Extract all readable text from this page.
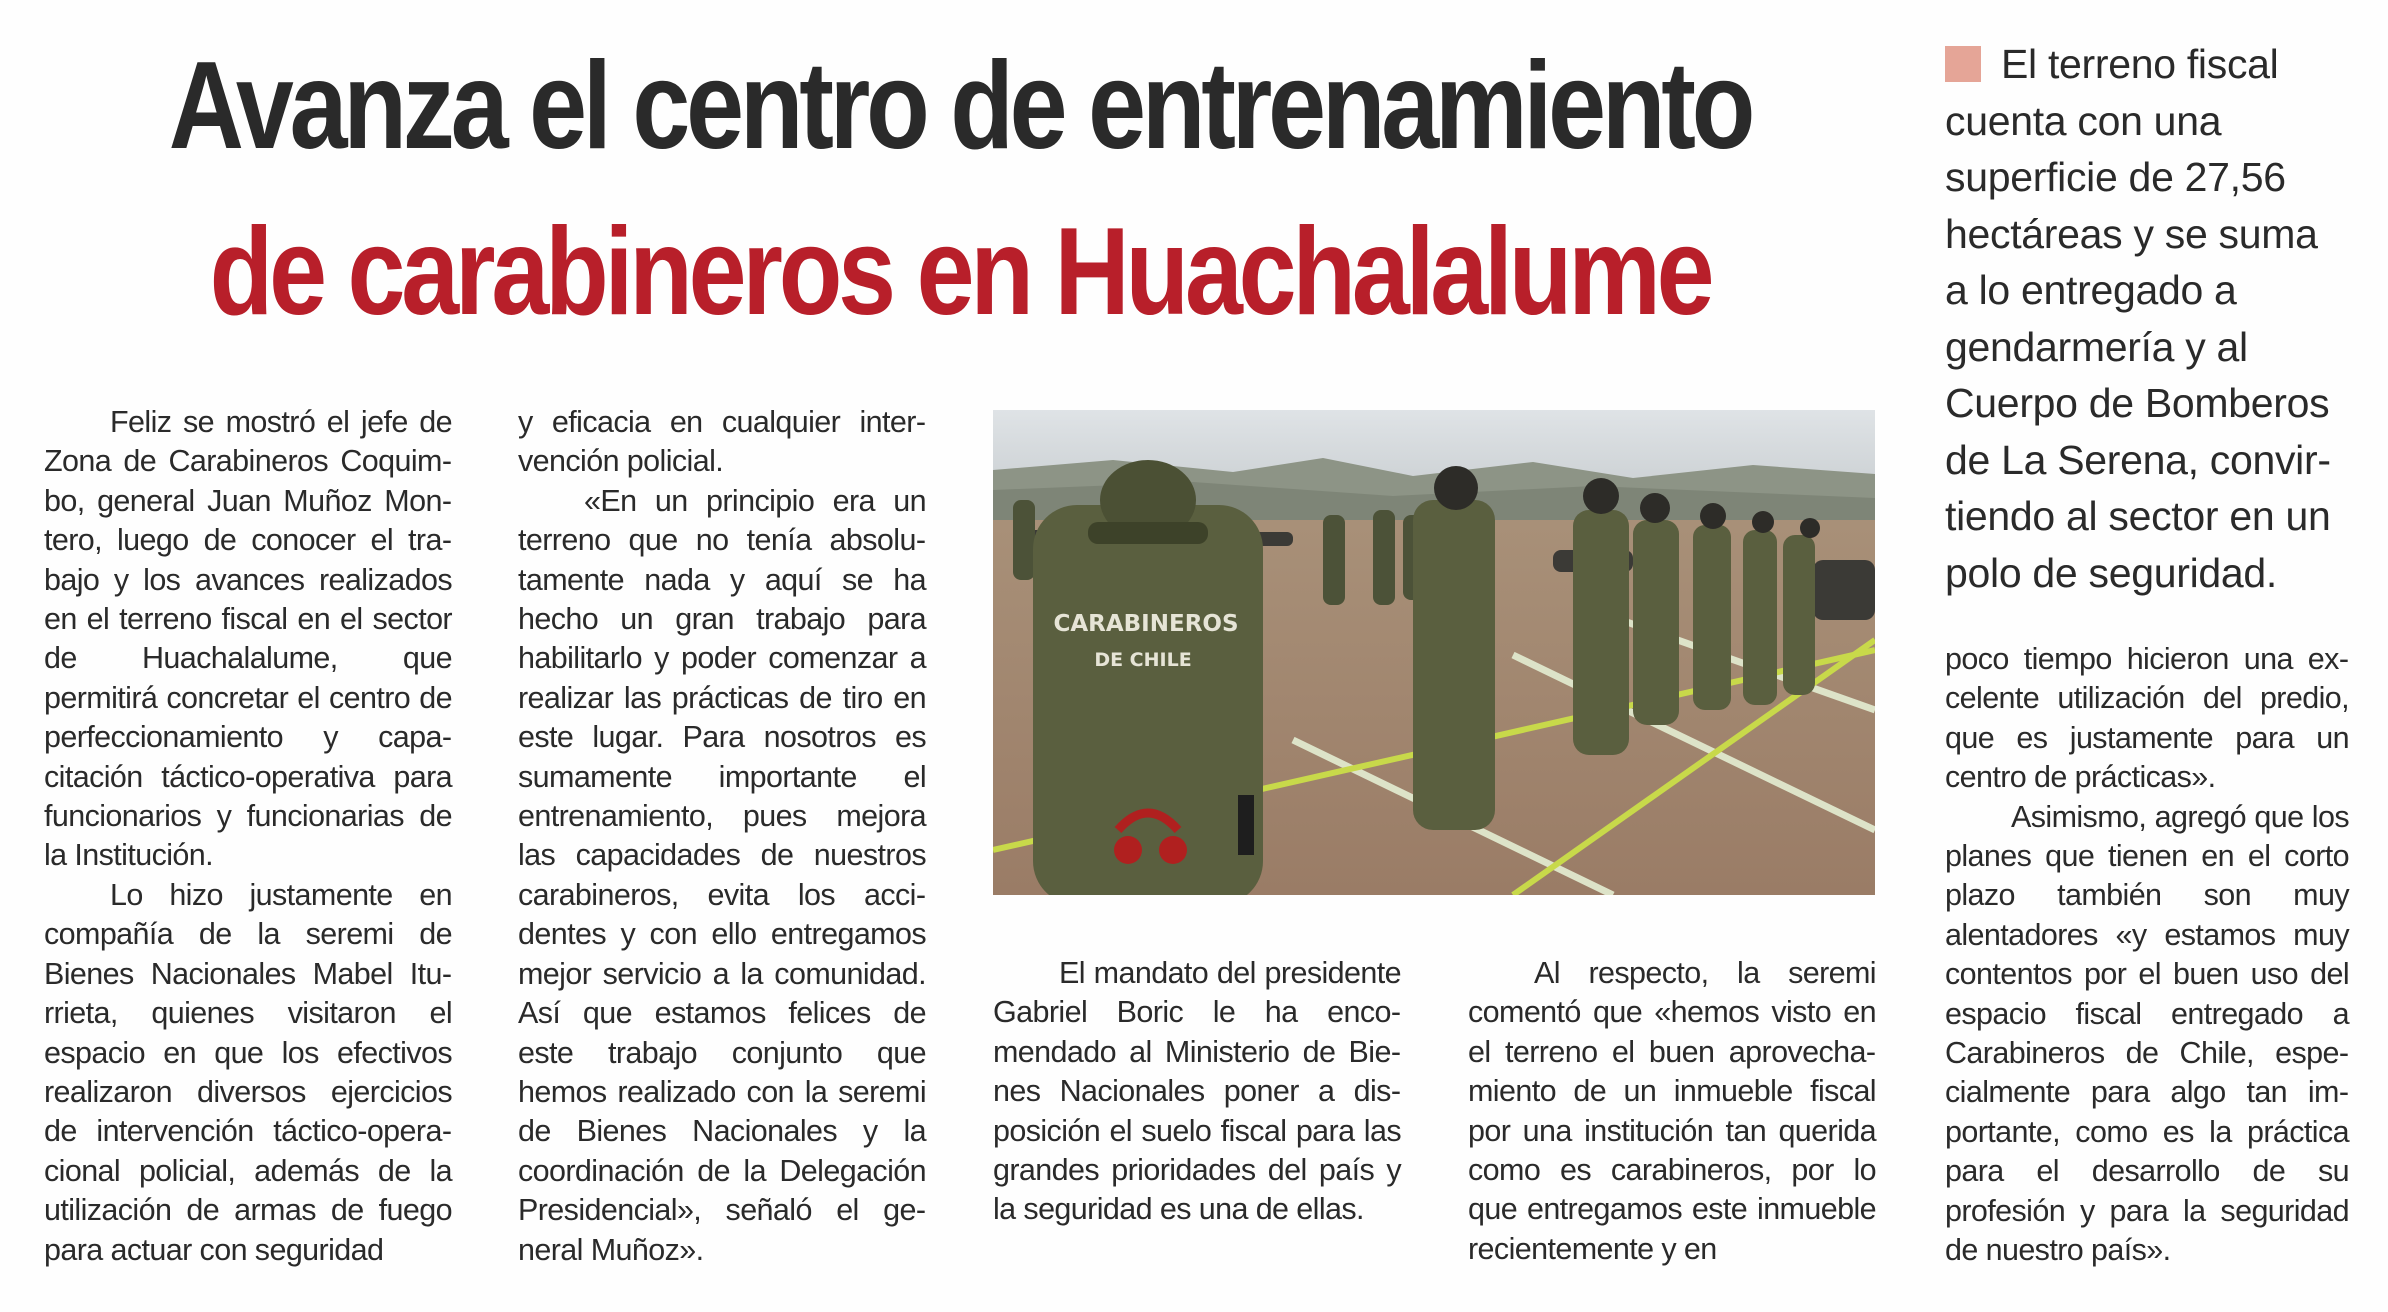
Avanza el centro de entrenamiento
de carabineros en Huachalalume
El terreno fiscal cuenta con una superficie de 27,56 hectáreas y se suma a lo entregado a gendarmería y al Cuerpo de Bomberos de La Serena, convirtiendo al sector en un polo de seguridad.
CARABINEROS
DE CHILE

Feliz se mostró el jefe de Zona de Carabineros Coquimbo, general Juan Muñoz Montero, luego de conocer el trabajo y los avances realizados en el terreno fiscal en el sector de Huachalalume, que permitirá concretar el centro de perfeccionamiento y capacitación táctico-operativa para funcionarios y funcionarias de la Institución.

Lo hizo justamente en compañía de la seremi de Bienes Nacionales Mabel Iturrieta, quienes visitaron el espacio en que los efectivos realizaron diversos ejercicios de intervención táctico-operacional policial, además de la utilización de armas de fuego para actuar con seguridad

y eficacia en cualquier intervención policial.

«En un principio era un terreno que no tenía absolutamente nada y aquí se ha hecho un gran trabajo para habilitarlo y poder comenzar a realizar las prácticas de tiro en este lugar. Para nosotros es sumamente importante el entrenamiento, pues mejora las capacidades de nuestros carabineros, evita los accidentes y con ello entregamos mejor servicio a la comunidad. Así que estamos felices de este trabajo conjunto que hemos realizado con la seremi de Bienes Nacionales y la coordinación de la Delegación Presidencial», señaló el general Muñoz».

El mandato del presidente Gabriel Boric le ha encomendado al Ministerio de Bienes Nacionales poner a disposición el suelo fiscal para las grandes prioridades del país y la seguridad es una de ellas.

Al respecto, la seremi comentó que «hemos visto en el terreno el buen aprovechamiento de un inmueble fiscal por una institución tan querida como es carabineros, por lo que entregamos este inmueble recientemente y en

poco tiempo hicieron una excelente utilización del predio, que es justamente para un centro de prácticas».

Asimismo, agregó que los planes que tienen en el corto plazo también son muy alentadores «y estamos muy contentos por el buen uso del espacio fiscal entregado a Carabineros de Chile, especialmente para algo tan importante, como es la práctica para el desarrollo de su profesión y para la seguridad de nuestro país».
